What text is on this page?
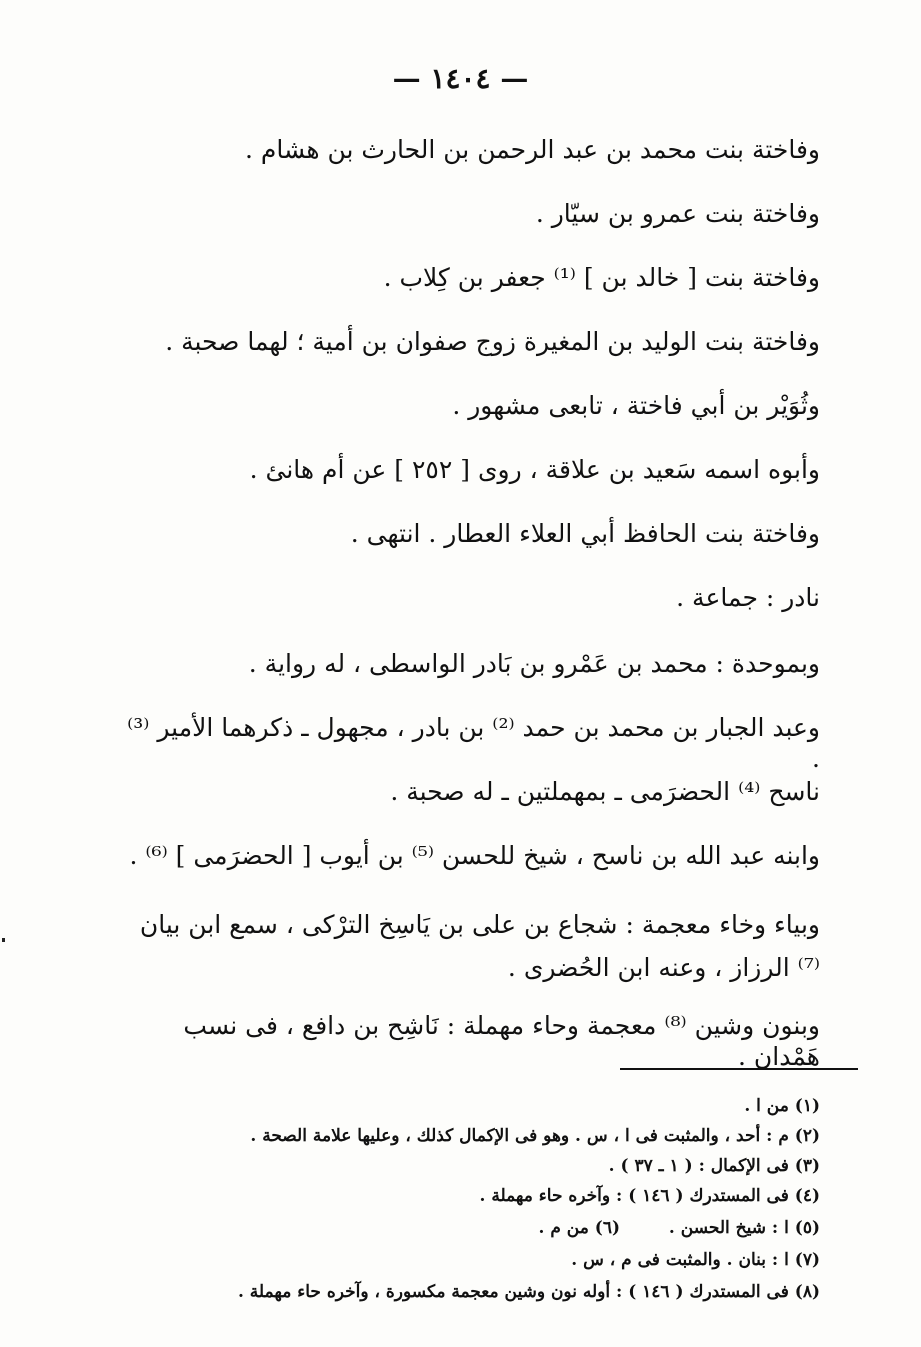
— ١٤٠٤ —

وفاختة بنت محمد بن عبد الرحمن بن الحارث بن هشام .

وفاختة بنت عمرو بن سيّار .

وفاختة بنت [ خالد بن ] ⁽¹⁾ جعفر بن كِلاب .

وفاختة بنت الوليد بن المغيرة زوج صفوان بن أمية ؛ لهما صحبة .

وثُوَيْر بن أبي فاختة ، تابعى مشهور .

وأبوه اسمه سَعيد بن علاقة ، روى [ ٢٥٢ ] عن أم هانئ .

وفاختة بنت الحافظ أبي العلاء العطار . انتهى .

نادر : جماعة .

وبموحدة : محمد بن عَمْرو بن بَادر الواسطى ، له رواية .

وعبد الجبار بن محمد بن حمد ⁽²⁾ بن بادر ، مجهول ـ ذكرهما الأمير ⁽³⁾ .

ناسح ⁽⁴⁾ الحضرَمى ـ بمهملتين ـ له صحبة .

وابنه عبد الله بن ناسح ، شيخ للحسن ⁽⁵⁾ بن أيوب [ الحضرَمى ] ⁽⁶⁾ .

وبياء وخاء معجمة : شجاع بن على بن يَاسِخ الترْكى ، سمع ابن بيان ⁽⁷⁾ الرزاز ، وعنه ابن الحُضرى .

وبنون وشين ⁽⁸⁾ معجمة وحاء مهملة : نَاشِح بن دافع ، فى نسب هَمْدان .

(١) من ا .
(٢) م : أحد ، والمثبت فى ا ، س . وهو فى الإكمال كذلك ، وعليها علامة الصحة .
(٣) فى الإكمال : ( ١ ـ ٣٧ ) .
(٤) فى المستدرك ( ١٤٦ ) : وآخره حاء مهملة .
(٥) ا : شيخ الحسن .
(٦) من م .
(٧) ا : بنان . والمثبت فى م ، س .
(٨) فى المستدرك ( ١٤٦ ) : أوله نون وشين معجمة مكسورة ، وآخره حاء مهملة .
